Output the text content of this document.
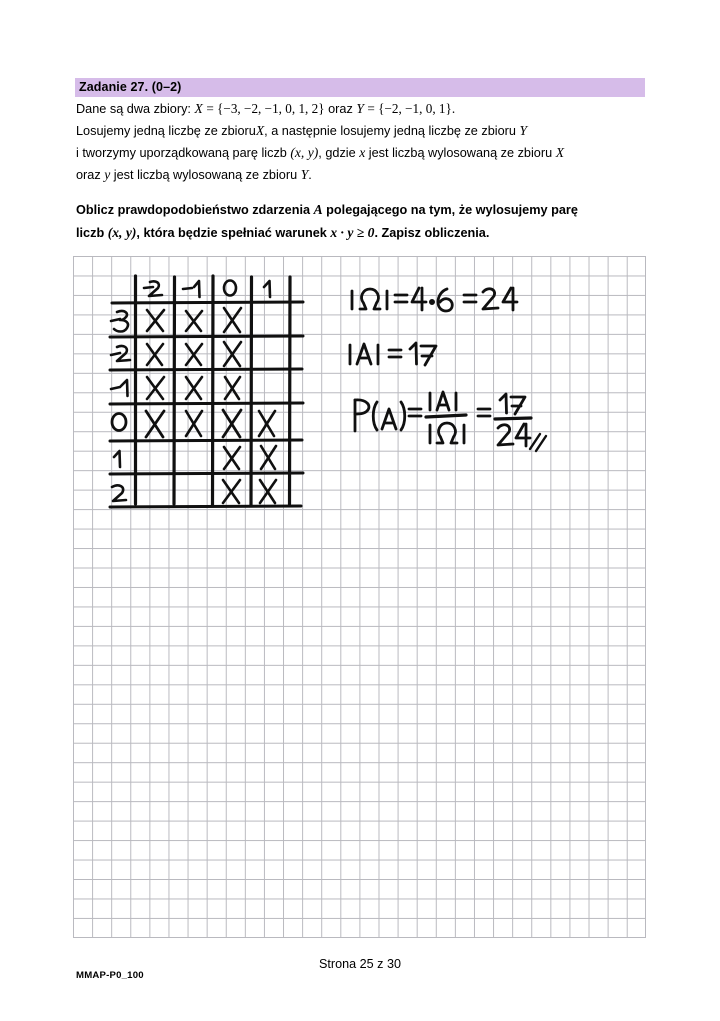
Zadanie 27. (0–2)
Dane są dwa zbiory: X = {−3, −2, −1, 0, 1, 2} oraz Y = {−2, −1, 0, 1}.
Losujemy jedną liczbę ze zbioruX, a następnie losujemy jedną liczbę ze zbioru Y
i tworzymy uporządkowaną parę liczb (x, y), gdzie x jest liczbą wylosowaną ze zbioru X
oraz y jest liczbą wylosowaną ze zbioru Y.
Oblicz prawdopodobieństwo zdarzenia A polegającego na tym, że wylosujemy parę
liczb (x, y), która będzie spełniać warunek x · y ≥ 0. Zapisz obliczenia.
Strona 25 z 30
MMAP-P0_100
